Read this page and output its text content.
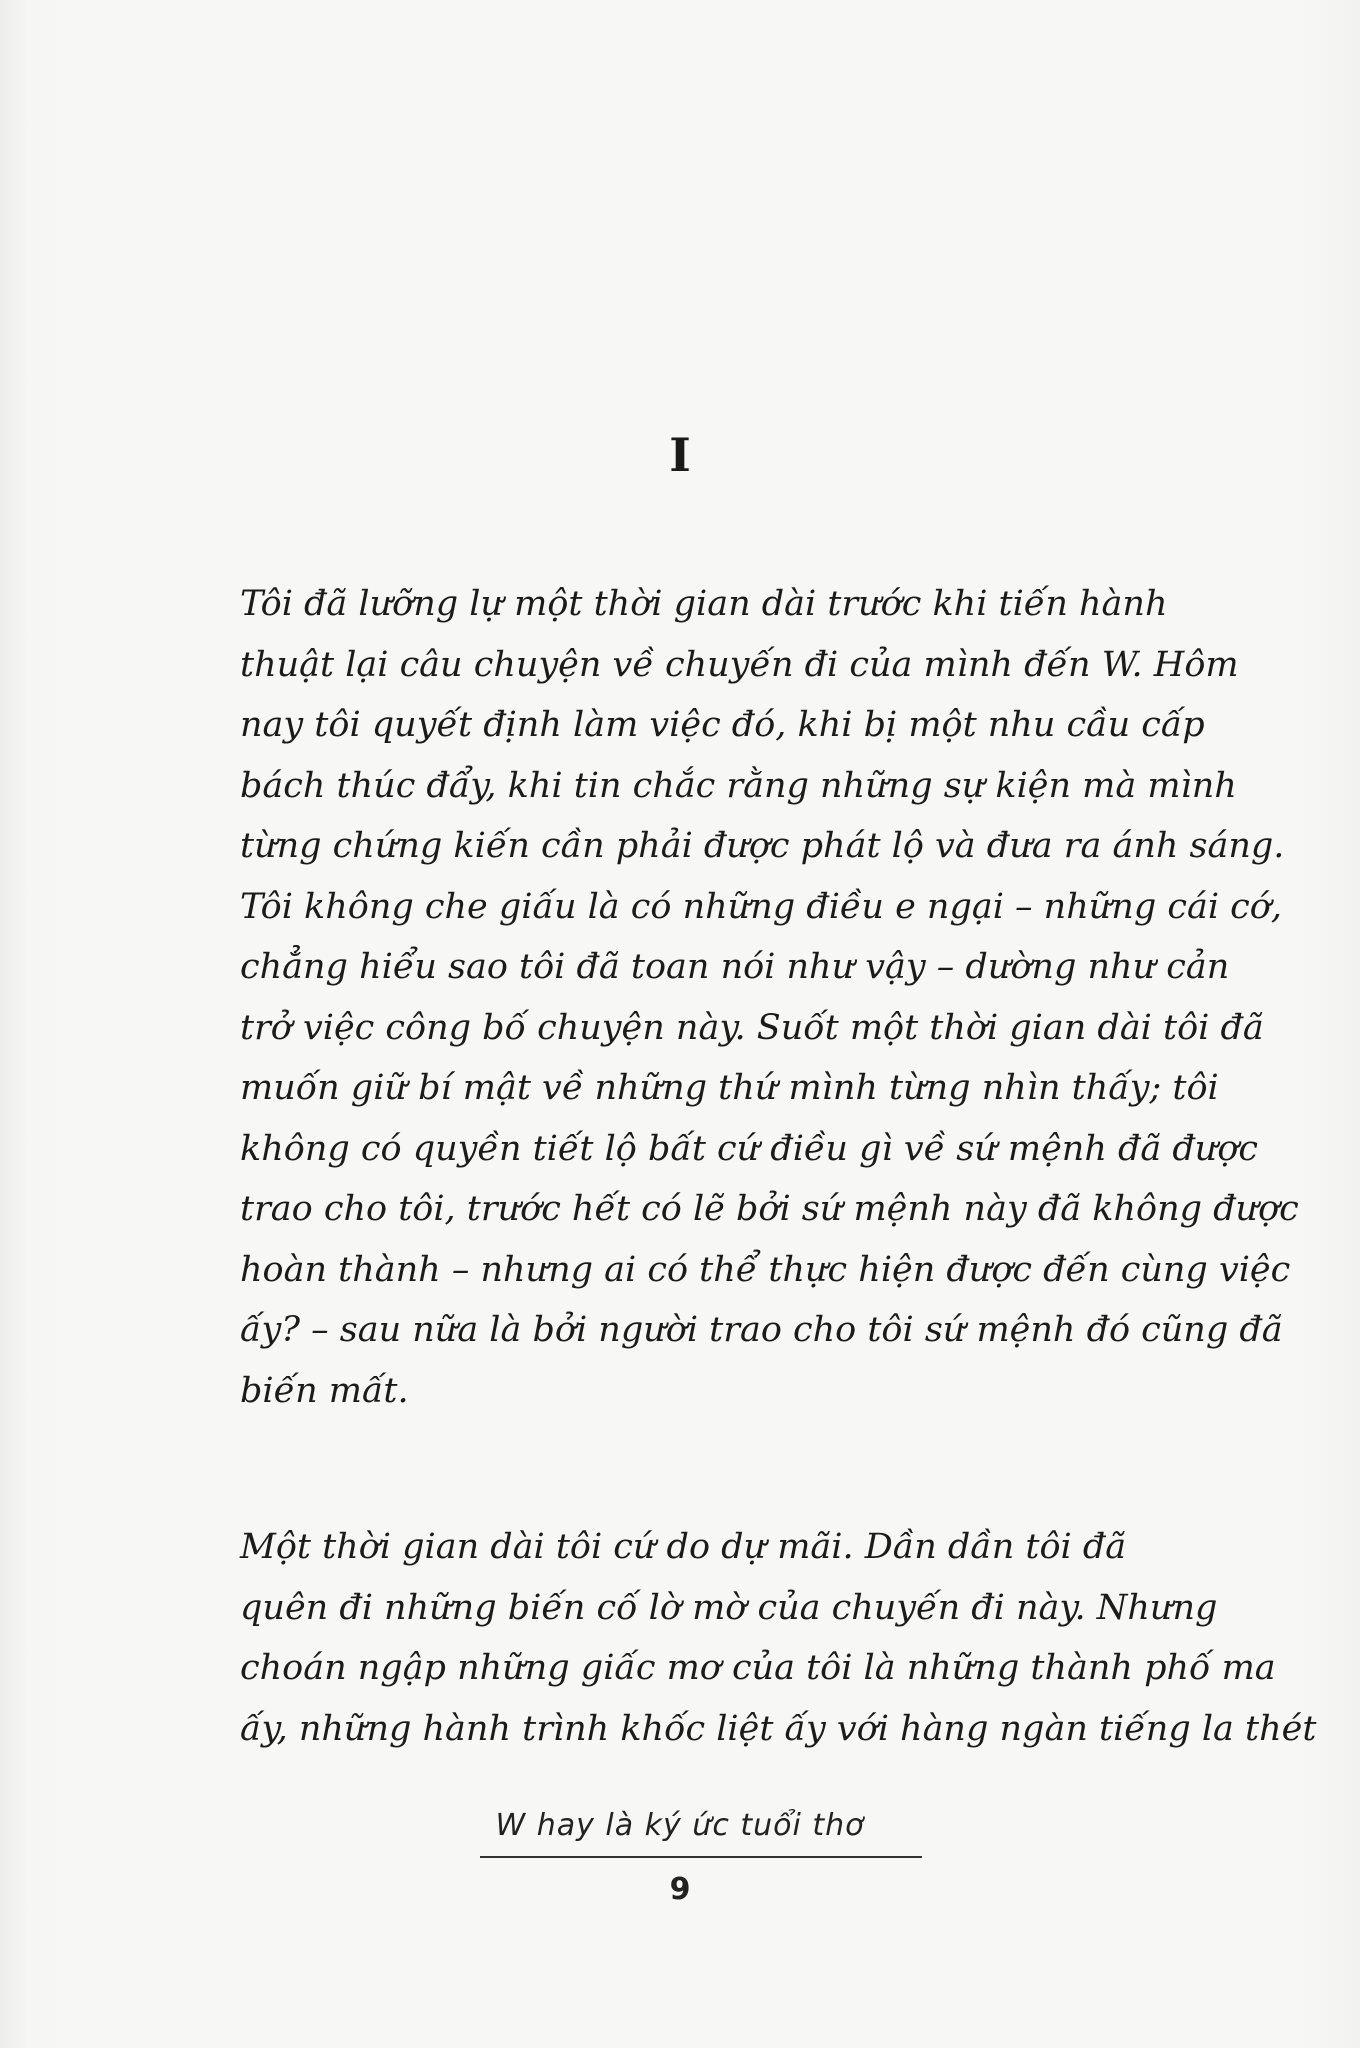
I

Tôi đã lưỡng lự một thời gian dài trước khi tiến hành
thuật lại câu chuyện về chuyến đi của mình đến W. Hôm
nay tôi quyết định làm việc đó, khi bị một nhu cầu cấp
bách thúc đẩy, khi tin chắc rằng những sự kiện mà mình
từng chứng kiến cần phải được phát lộ và đưa ra ánh sáng.
Tôi không che giấu là có những điều e ngại – những cái cớ,
chẳng hiểu sao tôi đã toan nói như vậy – dường như cản
trở việc công bố chuyện này. Suốt một thời gian dài tôi đã
muốn giữ bí mật về những thứ mình từng nhìn thấy; tôi
không có quyền tiết lộ bất cứ điều gì về sứ mệnh đã được
trao cho tôi, trước hết có lẽ bởi sứ mệnh này đã không được
hoàn thành – nhưng ai có thể thực hiện được đến cùng việc
ấy? – sau nữa là bởi người trao cho tôi sứ mệnh đó cũng đã
biến mất.

Một thời gian dài tôi cứ do dự mãi. Dần dần tôi đã
quên đi những biến cố lờ mờ của chuyến đi này. Nhưng
choán ngập những giấc mơ của tôi là những thành phố ma
ấy, những hành trình khốc liệt ấy với hàng ngàn tiếng la thét

W hay là ký ức tuổi thơ
9
